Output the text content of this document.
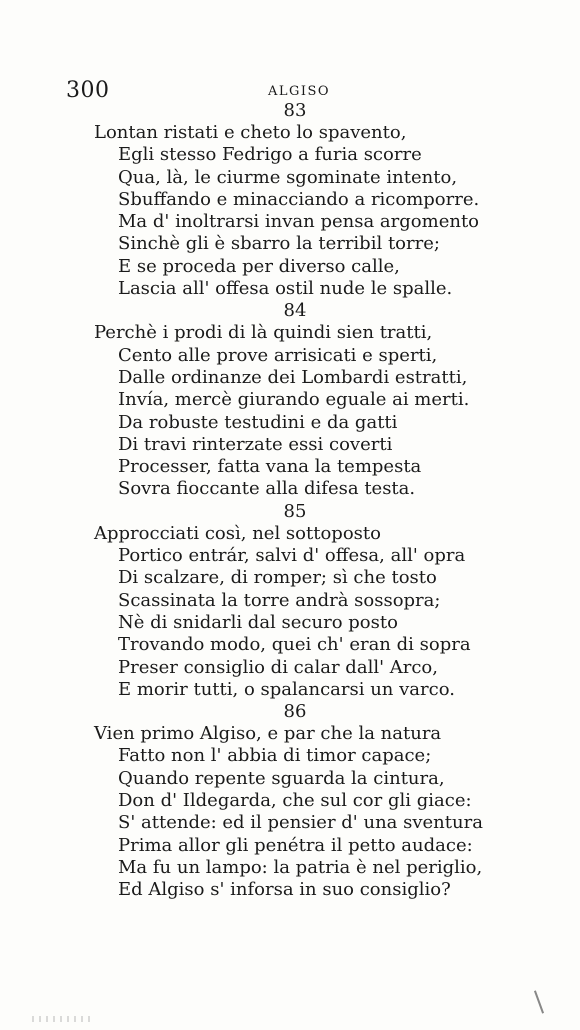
300	ALGISO
83
Lontan ristati e cheto lo spavento,
Egli stesso Fedrigo a furia scorre
Qua, là, le ciurme sgominate intento,
Sbuffando e minacciando a ricomporre.
Ma d' inoltrarsi invan pensa argomento
Sinchè gli è sbarro la terribil torre;
E se proceda per diverso calle,
Lascia all' offesa ostil nude le spalle.
84
Perchè i prodi di là quindi sien tratti,
Cento alle prove arrisicati e sperti,
Dalle ordinanze dei Lombardi estratti,
Invía, mercè giurando eguale ai merti.
Da robuste testudini e da gatti
Di travi rinterzate essi coverti
Processer, fatta vana la tempesta
Sovra fioccante alla difesa testa.
85
Approcciati così, nel sottoposto
Portico entrár, salvi d' offesa, all' opra
Di scalzare, di romper; sì che tosto
Scassinata la torre andrà sossopra;
Nè di snidarli dal securo posto
Trovando modo, quei ch' eran di sopra
Preser consiglio di calar dall' Arco,
E morir tutti, o spalancarsi un varco.
86
Vien primo Algiso, e par che la natura
Fatto non l' abbia di timor capace;
Quando repente sguarda la cintura,
Don d' Ildegarda, che sul cor gli giace:
S' attende: ed il pensier d' una sventura
Prima allor gli penétra il petto audace:
Ma fu un lampo: la patria è nel periglio,
Ed Algiso s' inforsa in suo consiglio?
